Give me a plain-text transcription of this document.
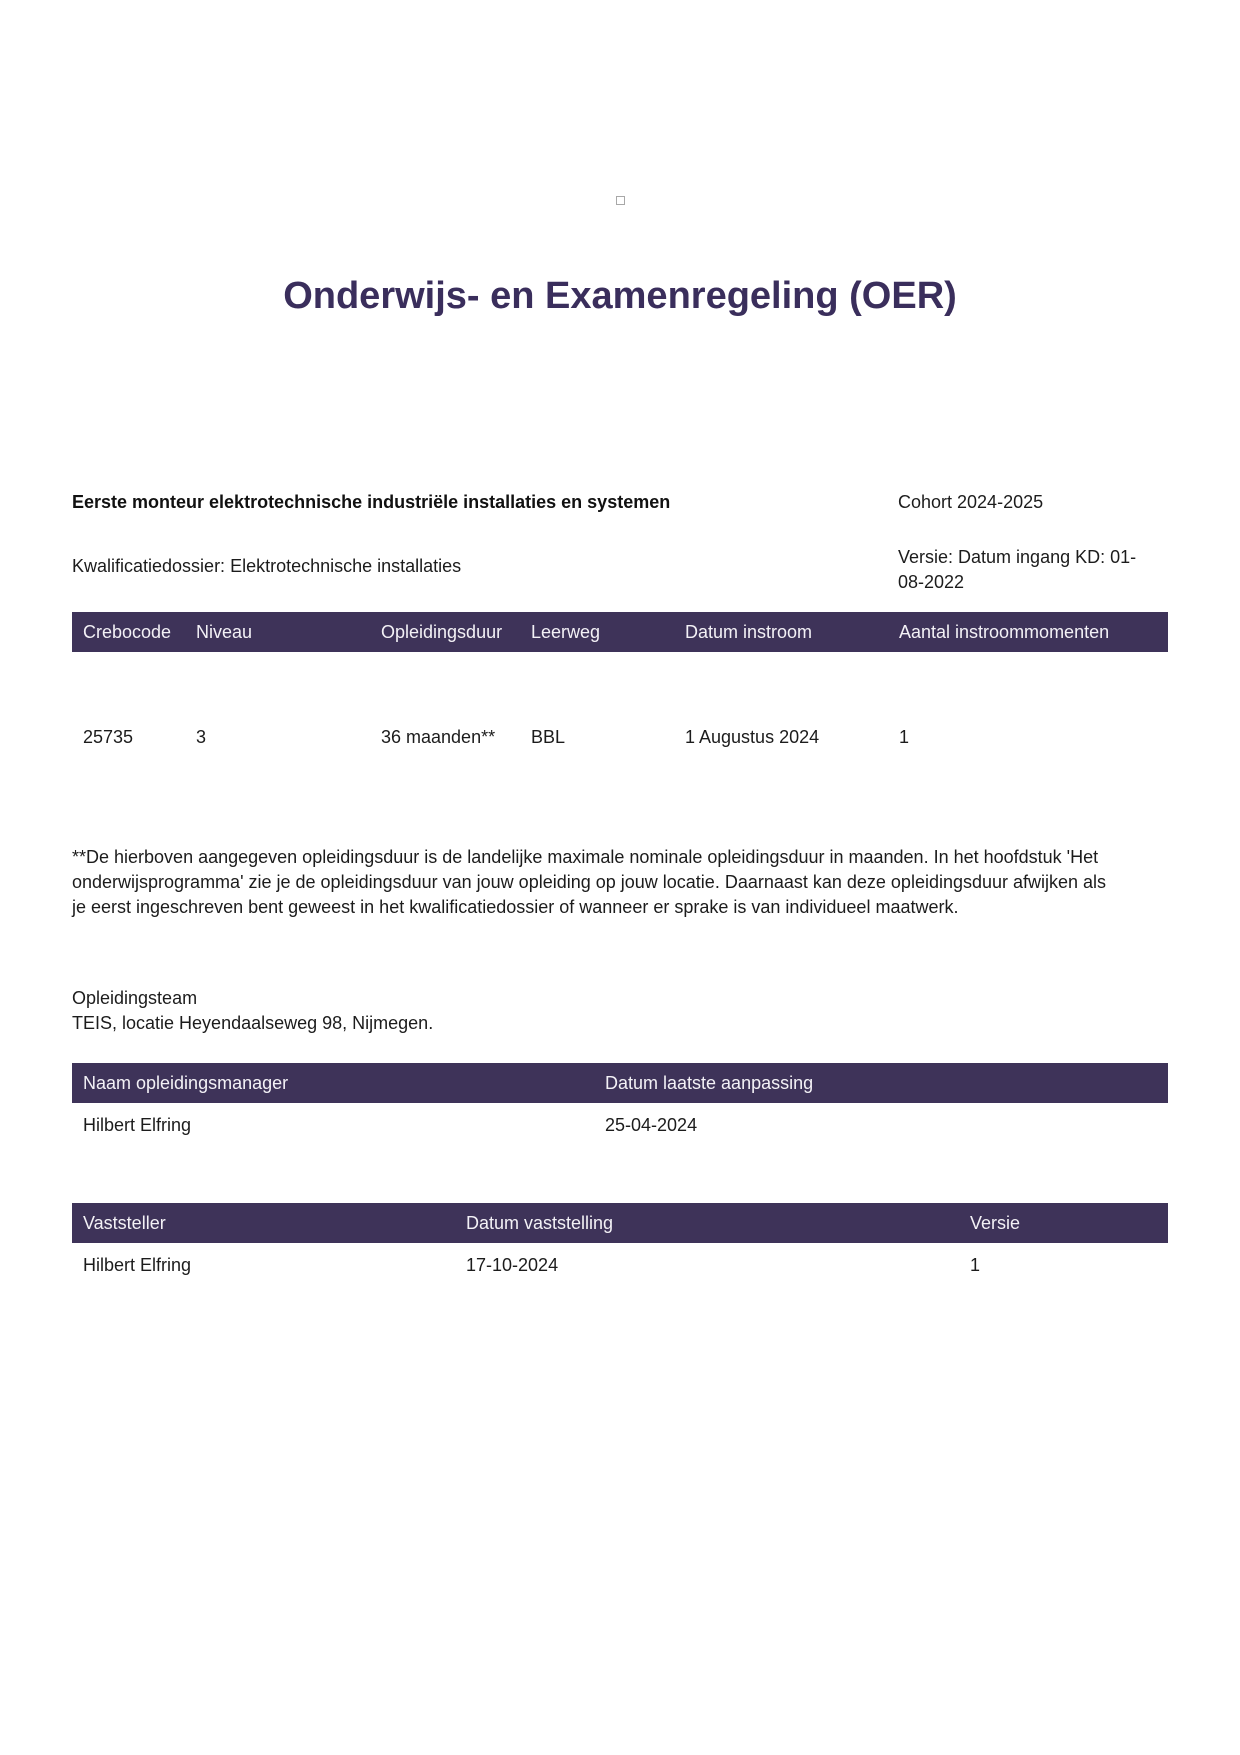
Onderwijs- en Examenregeling (OER)
Eerste monteur elektrotechnische industriële installaties en systemen	Cohort 2024-2025
Kwalificatiedossier: Elektrotechnische installaties	Versie: Datum ingang KD: 01-08-2022
Crebocode	Niveau	Opleidingsduur	Leerweg	Datum instroom	Aantal instroommomenten
25735	3	36 maanden**	BBL	1 Augustus 2024	1
**De hierboven aangegeven opleidingsduur is de landelijke maximale nominale opleidingsduur in maanden. In het hoofdstuk 'Het onderwijsprogramma' zie je de opleidingsduur van jouw opleiding op jouw locatie. Daarnaast kan deze opleidingsduur afwijken als je eerst ingeschreven bent geweest in het kwalificatiedossier of wanneer er sprake is van individueel maatwerk.
Opleidingsteam
TEIS, locatie Heyendaalseweg 98, Nijmegen.
Naam opleidingsmanager	Datum laatste aanpassing
Hilbert Elfring	25-04-2024
Vaststeller	Datum vaststelling	Versie
Hilbert Elfring	17-10-2024	1
